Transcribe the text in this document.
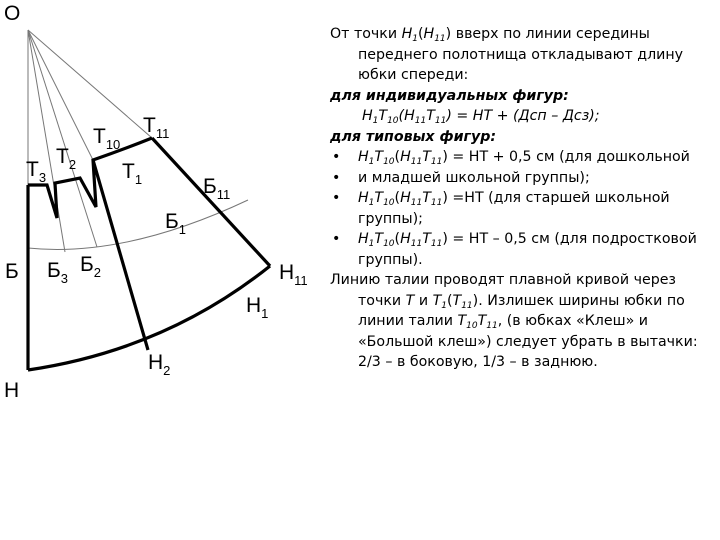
O
$T_3$
$T_2$
$T_{10}$
$T_{11}$
$T_1$	$Б_{11}$
$Б_1$
Б $Б_3$
$Б_2$	$H_{11}$
$H_1$
$H_2$
H

От точки $H_1(H_{11})$ вверх по линии середины переднего полотнища откладывают длину юбки спереди:

для индивидуальных фигур:

$H_1T_{10}(H_{11}T_{11})$ = НТ + (Дсп – Дсз);

для типовых фигур:

• $H_1T_{10}(H_{11}T_{11})$ = НТ + 0,5 см (для дошкольной
• и младшей школьной группы);
• $H_1T_{10}(H_{11}T_{11}) =НТ$ (для старшей школьной группы);
• $H_1T_{10}(H_{11}T_{11})$ = НТ – 0,5 см (для подростковой группы).

Линию талии проводят плавной кривой через точки T и $T_1(T_{11})$. Излишек ширины юбки по линии талии $T_{10}T_{11}$, (в юбках «Клеш» и «Большой клеш») следует убрать в вытачки: 2/3 – в боковую, 1/3 – в заднюю.
